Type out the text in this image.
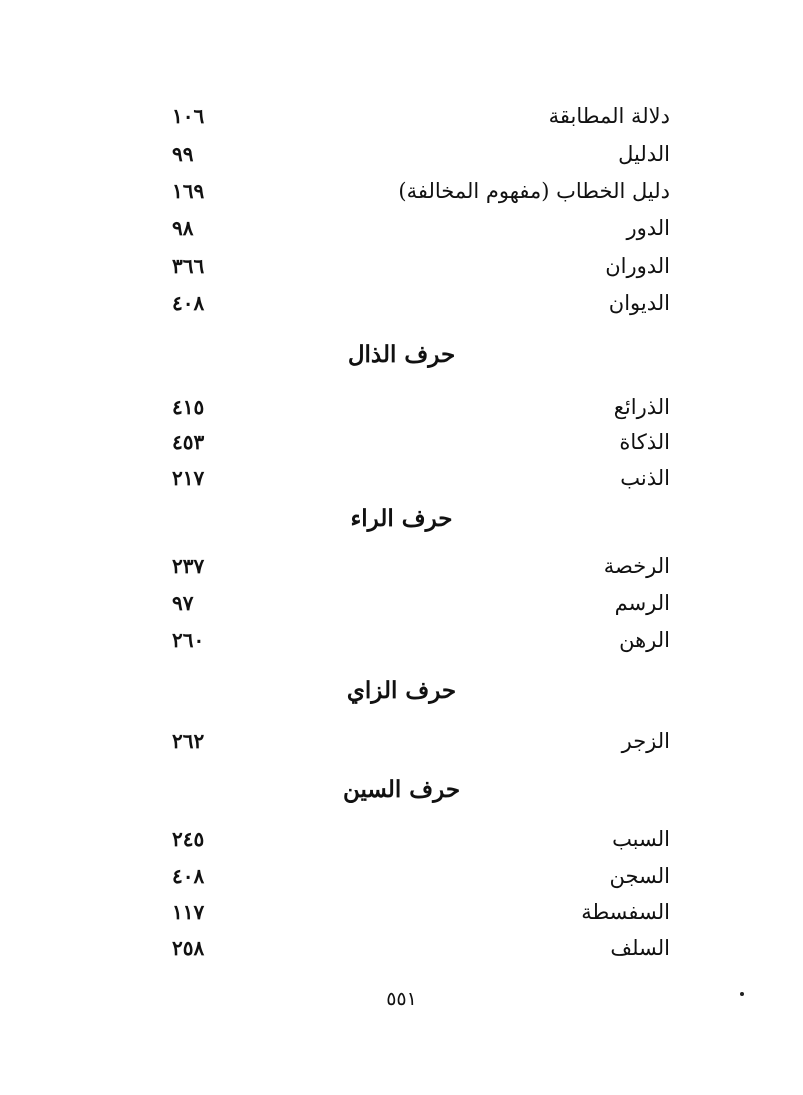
دلالة المطابقة
١٠٦
الدليل
٩٩
دليل الخطاب (مفهوم المخالفة)
١٦٩
الدور
٩٨
الدوران
٣٦٦
الديوان
٤٠٨
حرف الذال
الذرائع
٤١٥
الذكاة
٤٥٣
الذنب
٢١٧
حرف الراء
الرخصة
٢٣٧
الرسم
٩٧
الرهن
٢٦٠
حرف الزاي
الزجر
٢٦٢
حرف السين
السبب
٢٤٥
السجن
٤٠٨
السفسطة
١١٧
السلف
٢٥٨
٥٥١
